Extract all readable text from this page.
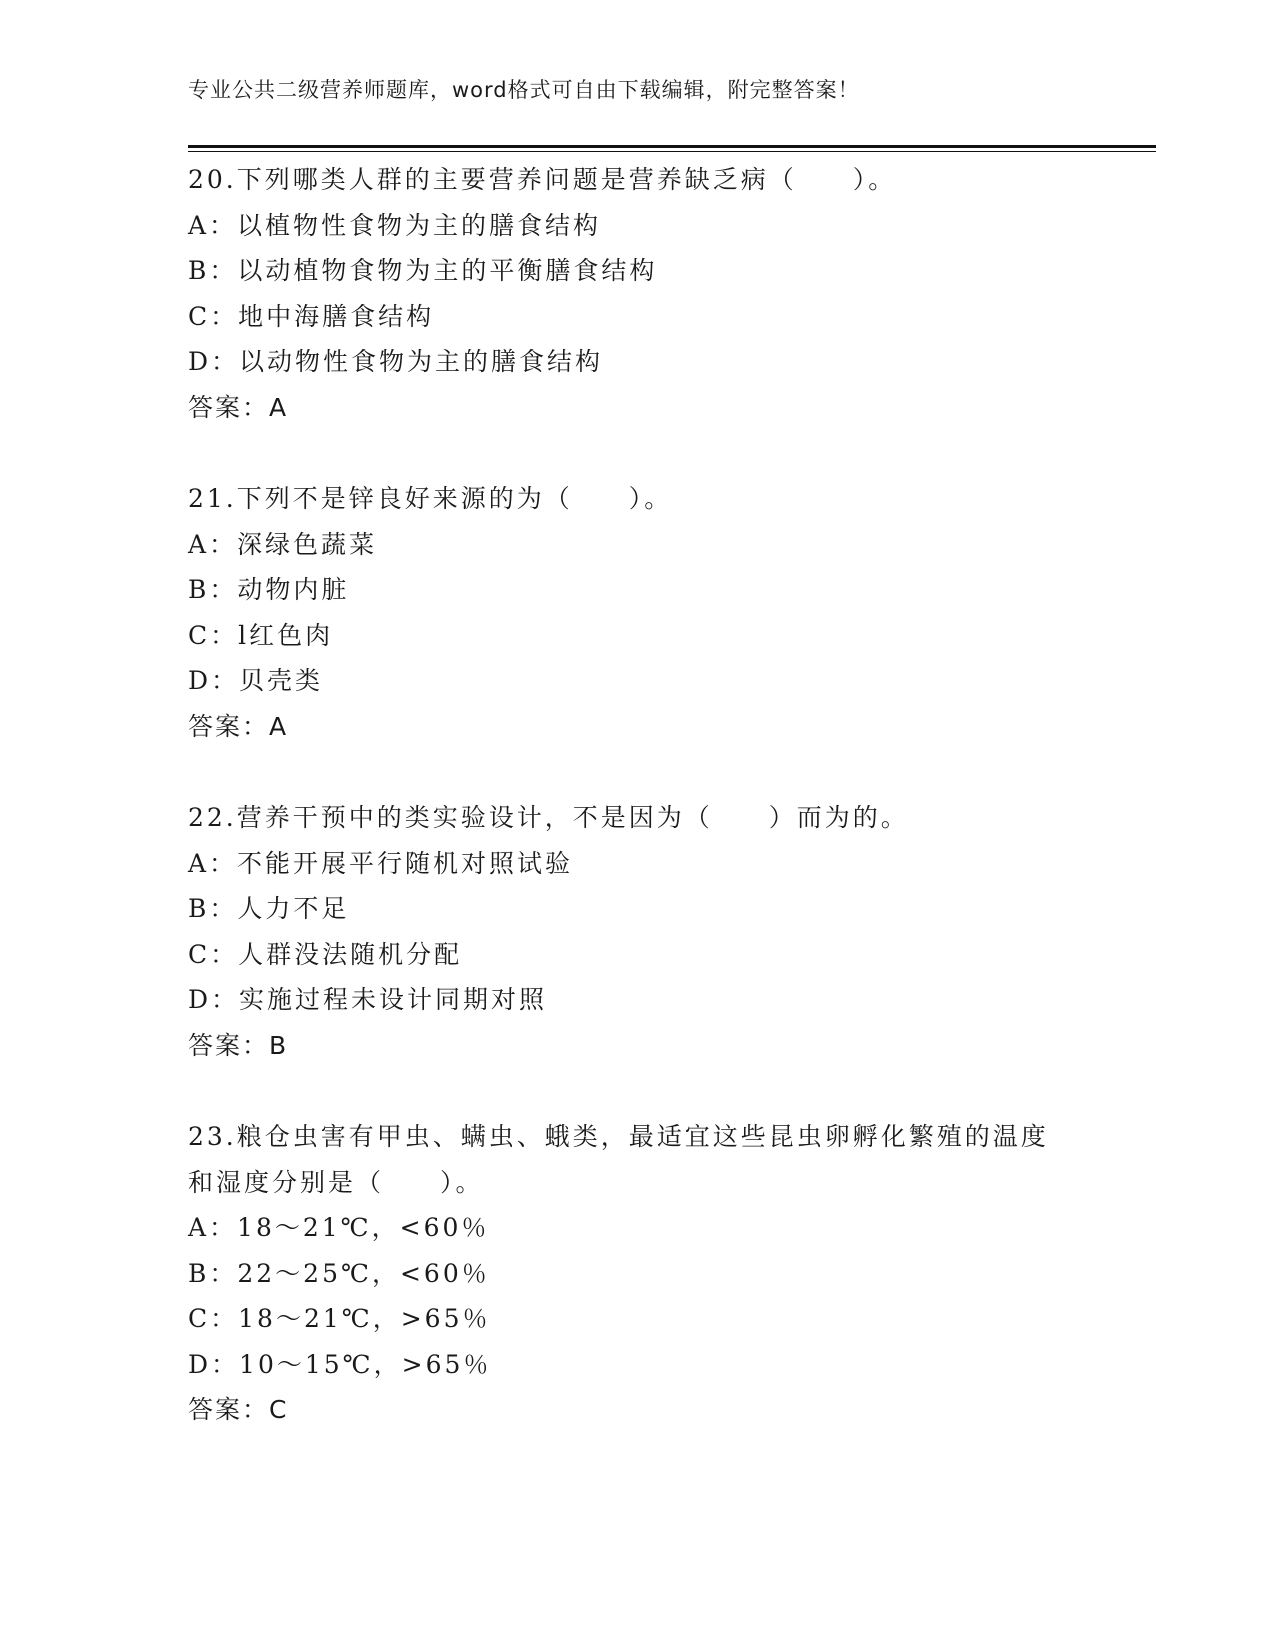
专业公共二级营养师题库，word格式可自由下载编辑，附完整答案！
20.下列哪类人群的主要营养问题是营养缺乏病（　　）。
A：以植物性食物为主的膳食结构
B：以动植物食物为主的平衡膳食结构
C：地中海膳食结构
D：以动物性食物为主的膳食结构
答案：A
21.下列不是锌良好来源的为（　　）。
A：深绿色蔬菜
B：动物内脏
C：l红色肉
D：贝壳类
答案：A
22.营养干预中的类实验设计，不是因为（　　）而为的。
A：不能开展平行随机对照试验
B：人力不足
C：人群没法随机分配
D：实施过程未设计同期对照
答案：B
23.粮仓虫害有甲虫、螨虫、蛾类，最适宜这些昆虫卵孵化繁殖的温度
和湿度分别是（　　）。
A：18～21℃，<60％
B：22～25℃，<60％
C：18～21℃，>65％
D：10～15℃，>65％
答案：C
